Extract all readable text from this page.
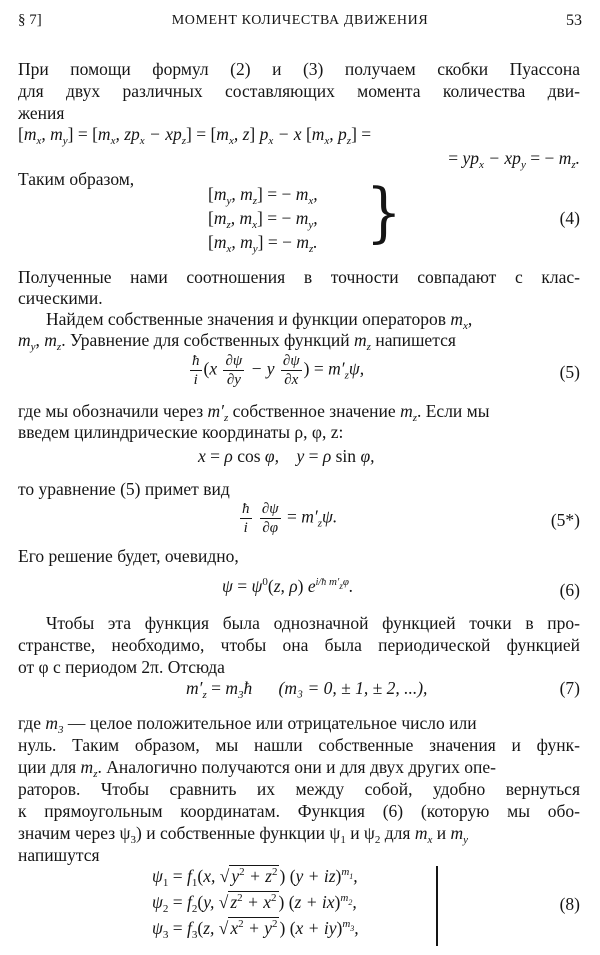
§ 7]	МОМЕНТ КОЛИЧЕСТВА ДВИЖЕНИЯ	53
При помощи формул (2) и (3) получаем скобки Пуассона
для двух различных составляющих момента количества дви-
жения
[$m_x$, $m_y] = [m_x$, $zp_x - xp_z] = [m_x$, z] $p_x - x$ [$m_x$, $p_z$] =
= $yp_x - xp_y$ = − $m_z$.
Таким образом,
[$m_y$, $m_z$] = − $m_x$,
[$m_z$, $m_x$] = − $m_y$,
[$m_x$, $m_y$] = − $m_z$. }	(4)
Полученные нами соотношения в точности совпадают с клас-
сическими.
Найдем собственные значения и функции операторов $m_x$,
$m_y$, $m_z$. Уравнение для собственных функций $m_z$ напишется
$\frac{ħ}{i} (x \frac{\partial\psi}{\partial y} - y \frac{\partial\psi}{\partial x}$ ) = $m'_z\psi$,	(5)
где мы обозначили через $m'_z$ собственное значение $m_z$. Если мы
введем цилиндрические координаты ρ, φ, z:
x = ρ cos φ,    y = ρ sin φ,
то уравнение (5) примет вид
$\frac{ħ}{i}$
$\frac{\partial\psi}{\partial\varphi} = m'_z\psi$.	(5*)
Его решение будет, очевидно,
$\psi = \psi^0(z$, ρ) $e^{i/ħ m'_z\varphi}$.	(6)
Чтобы эта функция была однозначной функцией точки в про-
странстве, необходимо, чтобы она была периодической функцией
от φ с периодом 2π. Отсюда
$m'_z$ = $m_3ħ$      (m₃ = 0, ± 1, ± 2, ...),	(7)
где $m_3$ — целое положительное или отрицательное число или
нуль. Таким образом, мы нашли собственные значения и функ-
ции для $m_z$. Аналогично получаются они и для двух других опе-
раторов. Чтобы сравнить их между собой, удобно вернуться
к прямоугольным координатам. Функция (6) (которую мы обо-
значим через $\psi_3$) и собственные функции $\psi_1$ и $\psi_2$ для $m_x$ и $m_y$
напишутся
$\psi_1 = f_1(x$, √ $y^2 + z^2$ ) (y + iz)$^{m_1}$,
$\psi_2 = f_2(y$, √ $z^2 + x^2$ ) (z + ix)$^{m_2}$,
$\psi_3 = f_3(z$, √ $x^2 + y^2$ ) (x + iy)$^{m_3}$,
(8)
